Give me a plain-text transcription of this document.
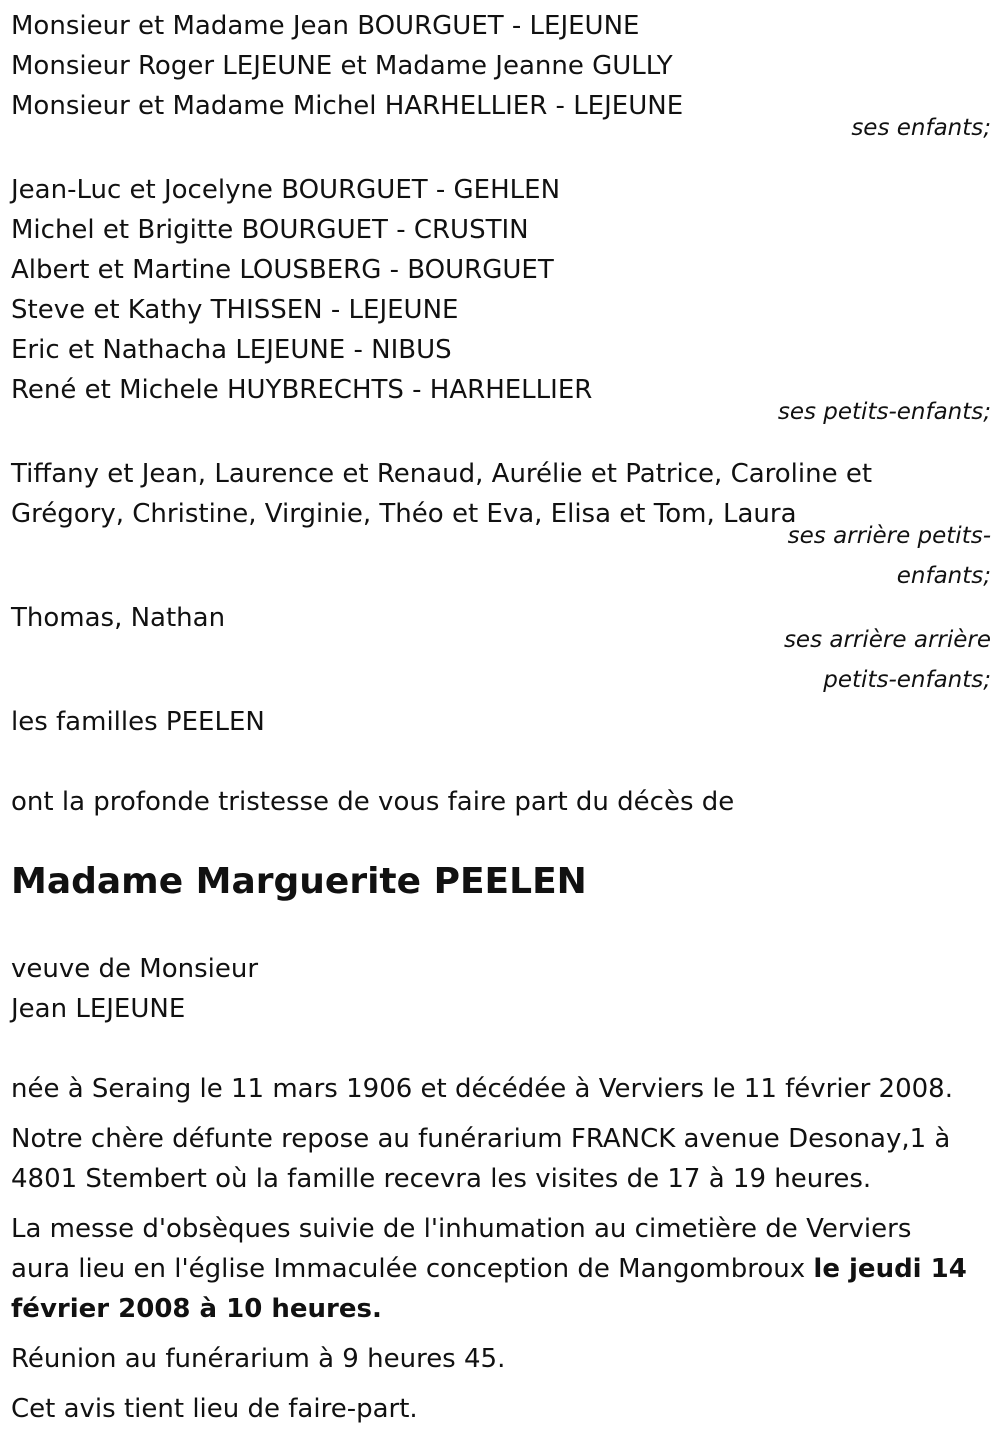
Monsieur et Madame Jean BOURGUET - LEJEUNE
Monsieur Roger LEJEUNE et Madame Jeanne GULLY
Monsieur et Madame Michel HARHELLIER - LEJEUNE
ses enfants;
Jean-Luc et Jocelyne BOURGUET - GEHLEN
Michel et Brigitte BOURGUET - CRUSTIN
Albert et Martine LOUSBERG - BOURGUET
Steve et Kathy THISSEN - LEJEUNE
Eric et Nathacha LEJEUNE - NIBUS
René et Michele HUYBRECHTS - HARHELLIER
ses petits-enfants;
Tiffany et Jean, Laurence et Renaud, Aurélie et Patrice, Caroline et
Grégory, Christine, Virginie, Théo et Eva, Elisa et Tom, Laura
ses arrière petits-
enfants;
Thomas, Nathan
ses arrière arrière
petits-enfants;
les familles PEELEN
ont la profonde tristesse de vous faire part du décès de
Madame Marguerite PEELEN
veuve de Monsieur
Jean LEJEUNE
née à Seraing le 11 mars 1906 et décédée à Verviers le 11 février 2008.
Notre chère défunte repose au funérarium FRANCK avenue Desonay,1 à
4801 Stembert où la famille recevra les visites de 17 à 19 heures.
La messe d'obsèques suivie de l'inhumation au cimetière de Verviers
aura lieu en l'église Immaculée conception de Mangombroux le jeudi 14
février 2008 à 10 heures.
Réunion au funérarium à 9 heures 45.
Cet avis tient lieu de faire-part.
